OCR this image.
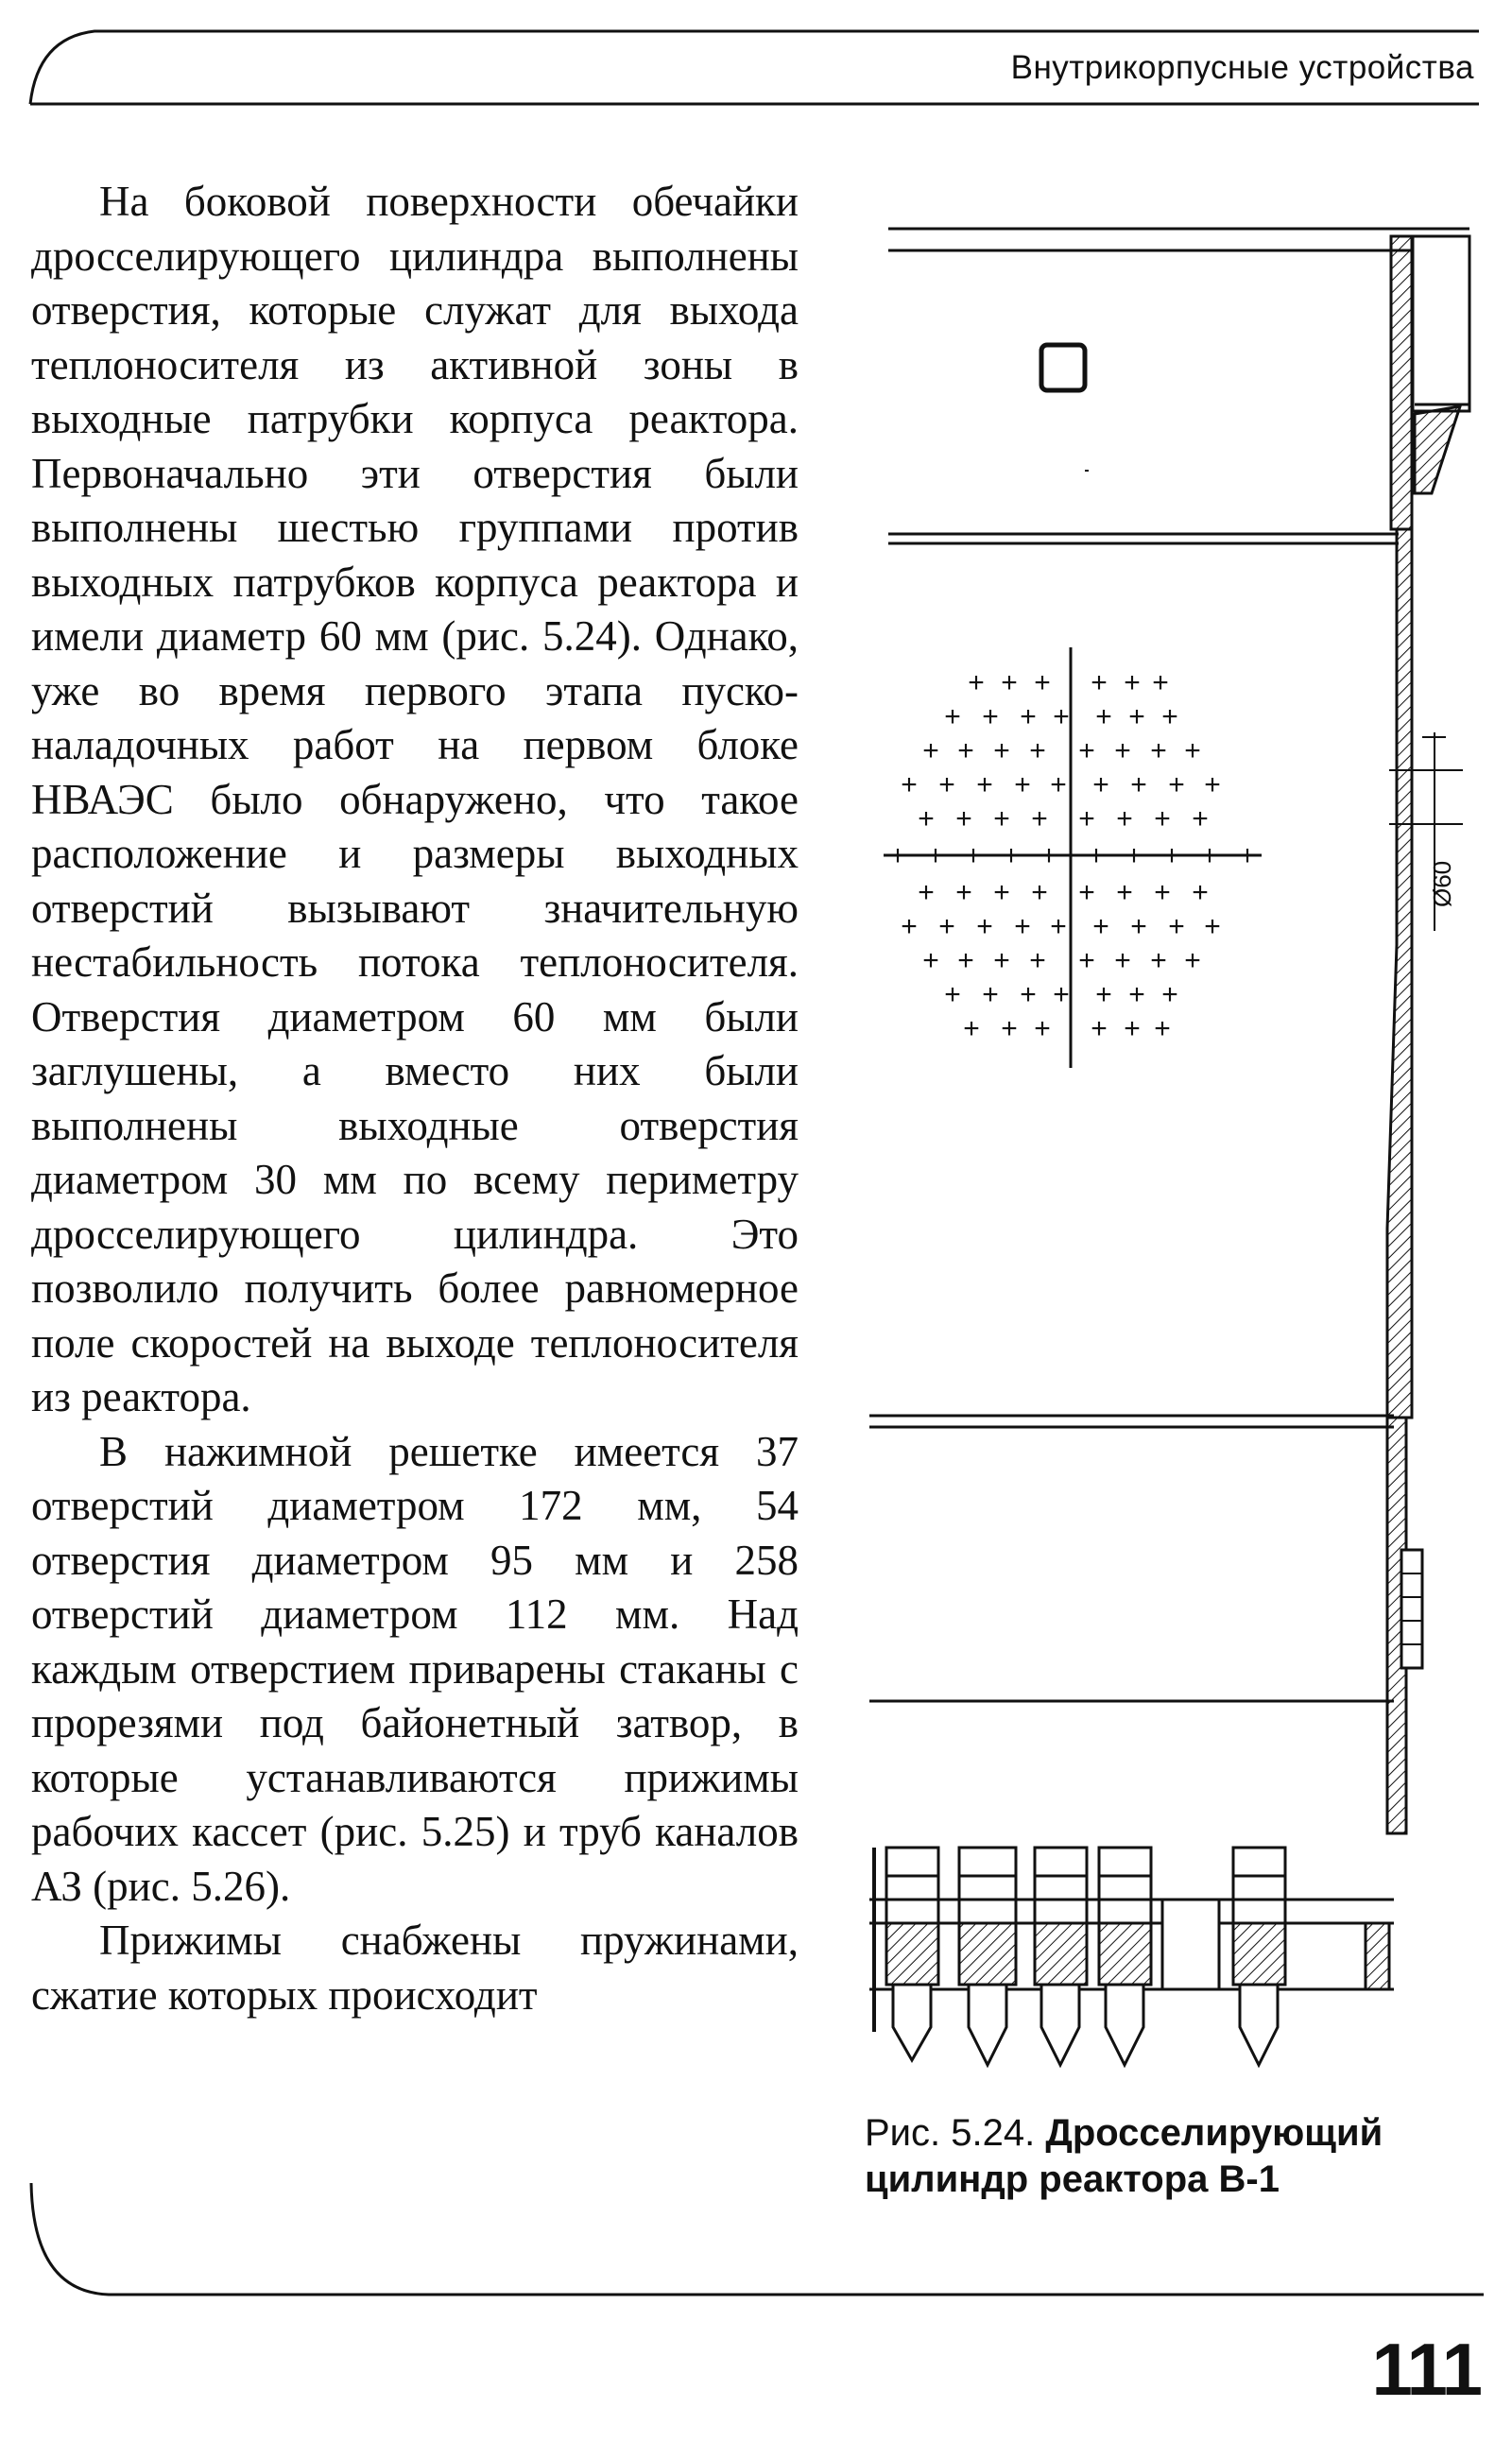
Внутрикорпусные устройства

На боковой поверхности обечайки дросселирующего цилиндра выполнены отверстия, которые служат для выхода теплоносителя из активной зоны в выходные патрубки корпуса реактора. Первоначально эти отверстия были выполнены шестью группами против выходных патрубков корпуса реактора и имели диаметр 60 мм (рис. 5.24). Однако, уже во время первого этапа пуско-наладочных работ на первом блоке НВАЭС было обнаружено, что такое расположение и размеры выходных отверстий вызывают значительную нестабильность потока теплоносителя. Отверстия диаметром 60 мм были заглушены, а вместо них были выполнены выходные отверстия диаметром 30 мм по всему периметру дросселирующего цилиндра. Это позволило получить более равномерное поле скоростей на выходе теплоносителя из реактора.

В нажимной решетке имеется 37 отверстий диаметром 172 мм, 54 отверстия диаметром 95 мм и 258 отверстий диаметром 112 мм. Над каждым отверстием приварены стаканы с прорезями под байонетный затвор, в которые устанавливаются прижимы рабочих кассет (рис. 5.25) и труб каналов АЗ (рис. 5.26).

Прижимы снабжены пружинами, сжатие которых происходит

+ + + + + +
+ + + + + + +
+ + + + + + + +
+ + + + + + + + +
+ + + + + + + +
+ + + + + + + + + +
+ + + + + + + +
+ + + + + + + + +
+ + + + + + + +
+ + + + + + +
+ + + + + +
Ø60
Рис. 5.24. Дросселирующий цилиндр реактора В-1
111
